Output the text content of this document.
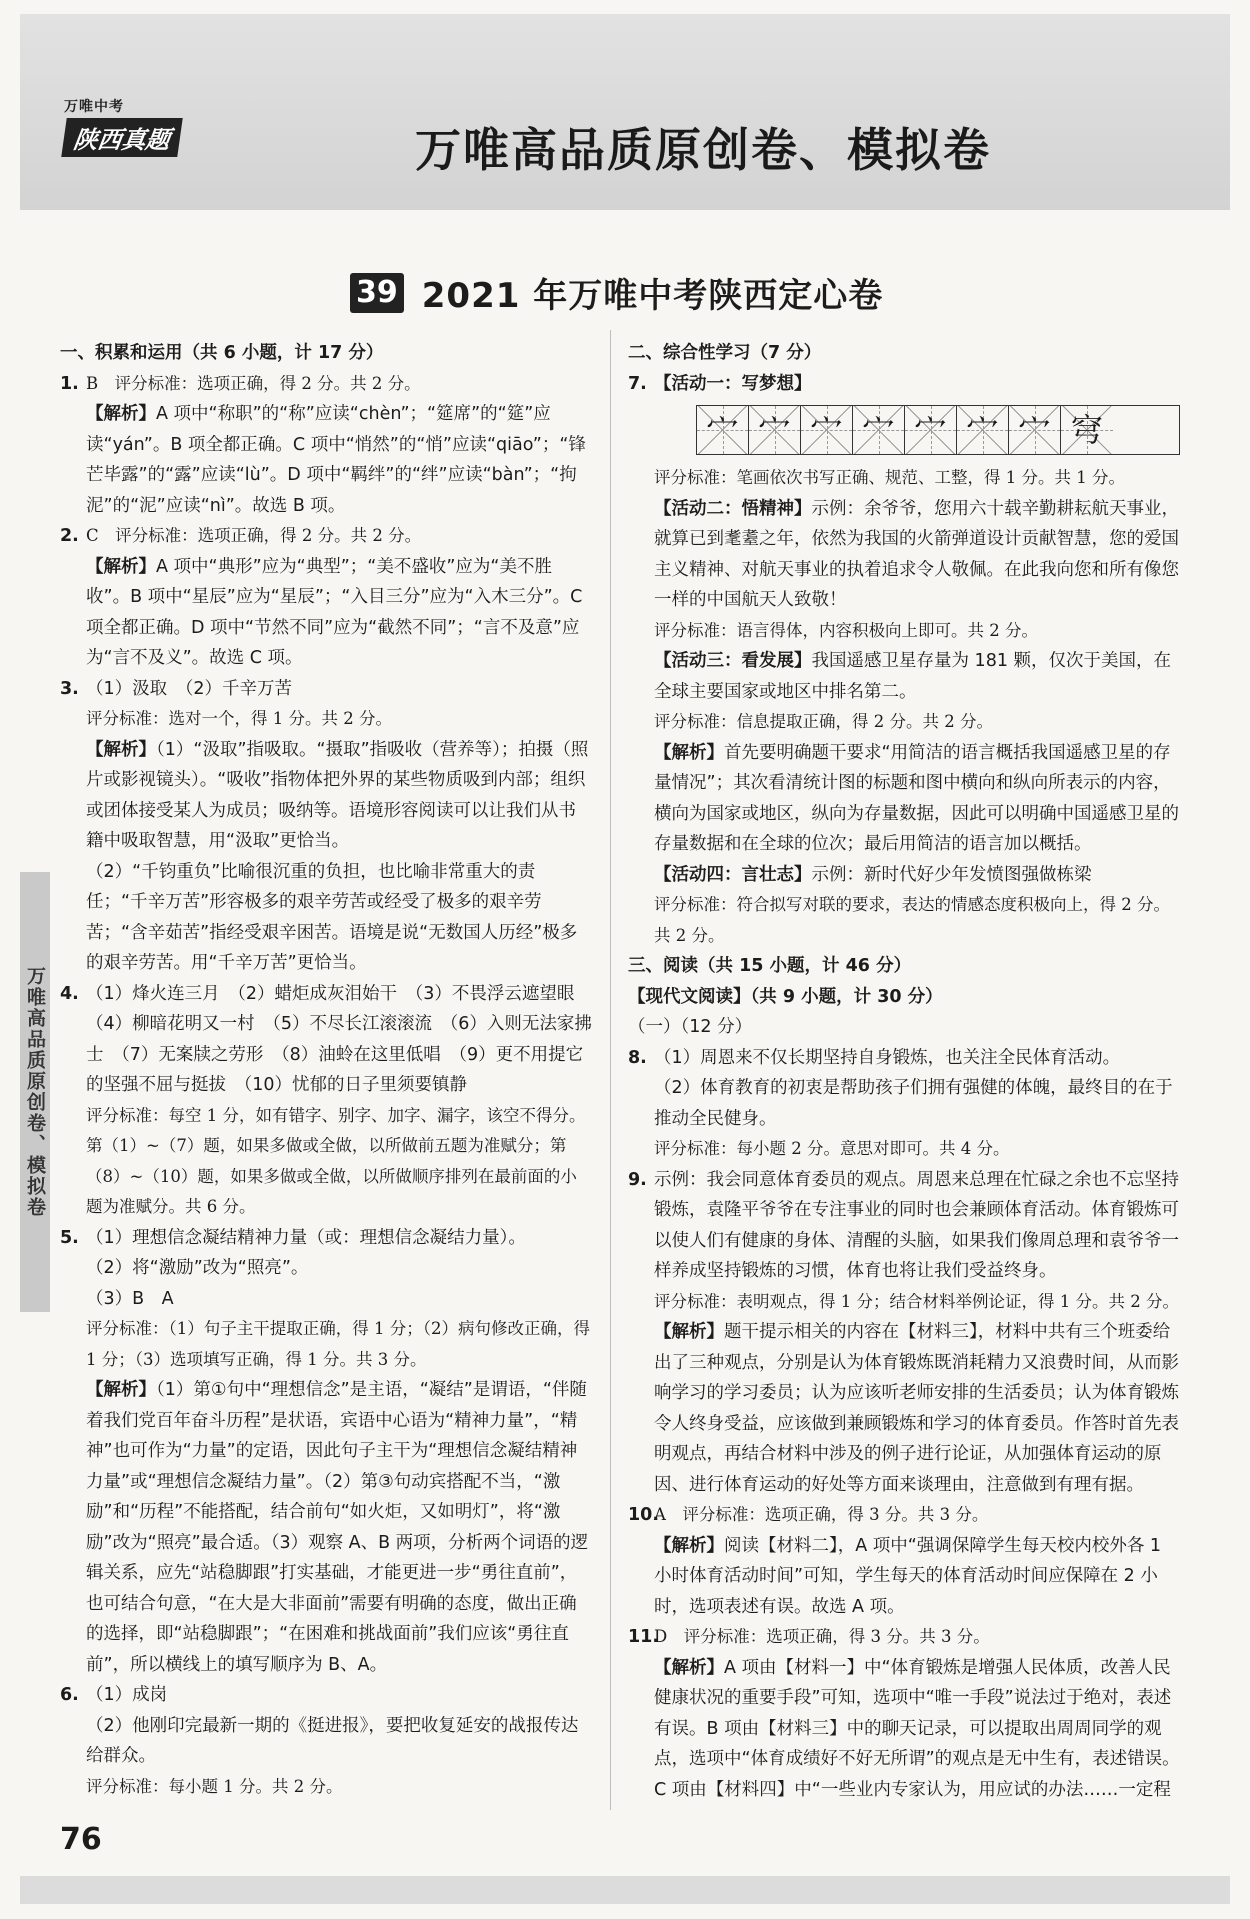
万唯中考
陕西真题	万唯高品质原创卷、模拟卷
39 2021 年万唯中考陕西定心卷
万唯高品质原创卷、模拟卷

一、积累和运用（共 6 小题，计 17 分）

1. B　评分标准：选项正确，得 2 分。共 2 分。

【解析】A 项中“称职”的“称”应读“chèn”；“筵席”的“筵”应读“yán”。B 项全都正确。C 项中“悄然”的“悄”应读“qiāo”；“锋芒毕露”的“露”应读“lù”。D 项中“羁绊”的“绊”应读“bàn”；“拘泥”的“泥”应读“nì”。故选 B 项。

2. C　评分标准：选项正确，得 2 分。共 2 分。

【解析】A 项中“典形”应为“典型”；“美不盛收”应为“美不胜收”。B 项中“星辰”应为“星辰”；“入目三分”应为“入木三分”。C 项全都正确。D 项中“节然不同”应为“截然不同”；“言不及意”应为“言不及义”。故选 C 项。

3. （1）汲取　（2）千辛万苦

评分标准：选对一个，得 1 分。共 2 分。

【解析】（1）“汲取”指吸取。“摄取”指吸收（营养等）；拍摄（照片或影视镜头）。“吸收”指物体把外界的某些物质吸到内部；组织或团体接受某人为成员；吸纳等。语境形容阅读可以让我们从书籍中吸取智慧，用“汲取”更恰当。

（2）“千钧重负”比喻很沉重的负担，也比喻非常重大的责任；“千辛万苦”形容极多的艰辛劳苦或经受了极多的艰辛劳苦；“含辛茹苦”指经受艰辛困苦。语境是说“无数国人历经”极多的艰辛劳苦。用“千辛万苦”更恰当。

4. （1）烽火连三月　（2）蜡炬成灰泪始干　（3）不畏浮云遮望眼　（4）柳暗花明又一村　（5）不尽长江滚滚流　（6）入则无法家拂士　（7）无案牍之劳形　（8）油蛉在这里低唱　（9）更不用提它的坚强不屈与挺拔　（10）忧郁的日子里须要镇静

评分标准：每空 1 分，如有错字、别字、加字、漏字，该空不得分。第（1）~（7）题，如果多做或全做，以所做前五题为准赋分；第（8）~（10）题，如果多做或全做，以所做顺序排列在最前面的小题为准赋分。共 6 分。

5. （1）理想信念凝结精神力量（或：理想信念凝结力量）。

（2）将“激励”改为“照亮”。

（3）B　A

评分标准：（1）句子主干提取正确，得 1 分；（2）病句修改正确，得 1 分；（3）选项填写正确，得 1 分。共 3 分。

【解析】（1）第①句中“理想信念”是主语，“凝结”是谓语，“伴随着我们党百年奋斗历程”是状语，宾语中心语为“精神力量”，“精神”也可作为“力量”的定语，因此句子主干为“理想信念凝结精神力量”或“理想信念凝结力量”。（2）第③句动宾搭配不当，“激励”和“历程”不能搭配，结合前句“如火炬，又如明灯”，将“激励”改为“照亮”最合适。（3）观察 A、B 两项，分析两个词语的逻辑关系，应先“站稳脚跟”打实基础，才能更进一步“勇往直前”，也可结合句意，“在大是大非面前”需要有明确的态度，做出正确的选择，即“站稳脚跟”；“在困难和挑战面前”我们应该“勇往直前”，所以横线上的填写顺序为 B、A。

6. （1）成岗

（2）他刚印完最新一期的《挺进报》，要把收复延安的战报传达给群众。

评分标准：每小题 1 分。共 2 分。

二、综合性学习（7 分）

7. 【活动一：写梦想】

宀 宀 宀 宀 宀 宀 宀 穹

评分标准：笔画依次书写正确、规范、工整，得 1 分。共 1 分。

【活动二：悟精神】示例：余爷爷，您用六十载辛勤耕耘航天事业，就算已到耄耋之年，依然为我国的火箭弹道设计贡献智慧，您的爱国主义精神、对航天事业的执着追求令人敬佩。在此我向您和所有像您一样的中国航天人致敬！

评分标准：语言得体，内容积极向上即可。共 2 分。

【活动三：看发展】我国遥感卫星存量为 181 颗，仅次于美国，在全球主要国家或地区中排名第二。

评分标准：信息提取正确，得 2 分。共 2 分。

【解析】首先要明确题干要求“用简洁的语言概括我国遥感卫星的存量情况”；其次看清统计图的标题和图中横向和纵向所表示的内容，横向为国家或地区，纵向为存量数据，因此可以明确中国遥感卫星的存量数据和在全球的位次；最后用简洁的语言加以概括。

【活动四：言壮志】示例：新时代好少年发愤图强做栋梁

评分标准：符合拟写对联的要求，表达的情感态度积极向上，得 2 分。共 2 分。

三、阅读（共 15 小题，计 46 分）

【现代文阅读】（共 9 小题，计 30 分）

（一）（12 分）

8. （1）周恩来不仅长期坚持自身锻炼，也关注全民体育活动。

（2）体育教育的初衷是帮助孩子们拥有强健的体魄，最终目的在于推动全民健身。

评分标准：每小题 2 分。意思对即可。共 4 分。

9. 示例：我会同意体育委员的观点。周恩来总理在忙碌之余也不忘坚持锻炼，袁隆平爷爷在专注事业的同时也会兼顾体育活动。体育锻炼可以使人们有健康的身体、清醒的头脑，如果我们像周总理和袁爷爷一样养成坚持锻炼的习惯，体育也将让我们受益终身。

评分标准：表明观点，得 1 分；结合材料举例论证，得 1 分。共 2 分。

【解析】题干提示相关的内容在【材料三】，材料中共有三个班委给出了三种观点，分别是认为体育锻炼既消耗精力又浪费时间，从而影响学习的学习委员；认为应该听老师安排的生活委员；认为体育锻炼令人终身受益，应该做到兼顾锻炼和学习的体育委员。作答时首先表明观点，再结合材料中涉及的例子进行论证，从加强体育运动的原因、进行体育运动的好处等方面来谈理由，注意做到有理有据。

10.A　评分标准：选项正确，得 3 分。共 3 分。

【解析】阅读【材料二】，A 项中“强调保障学生每天校内校外各 1 小时体育活动时间”可知，学生每天的体育活动时间应保障在 2 小时，选项表述有误。故选 A 项。

11.D　评分标准：选项正确，得 3 分。共 3 分。

【解析】A 项由【材料一】中“体育锻炼是增强人民体质，改善人民健康状况的重要手段”可知，选项中“唯一手段”说法过于绝对，表述有误。B 项由【材料三】中的聊天记录，可以提取出周周同学的观点，选项中“体育成绩好不好无所谓”的观点是无中生有，表述错误。C 项由【材料四】中“一些业内专家认为，用应试的办法……一定程

76
